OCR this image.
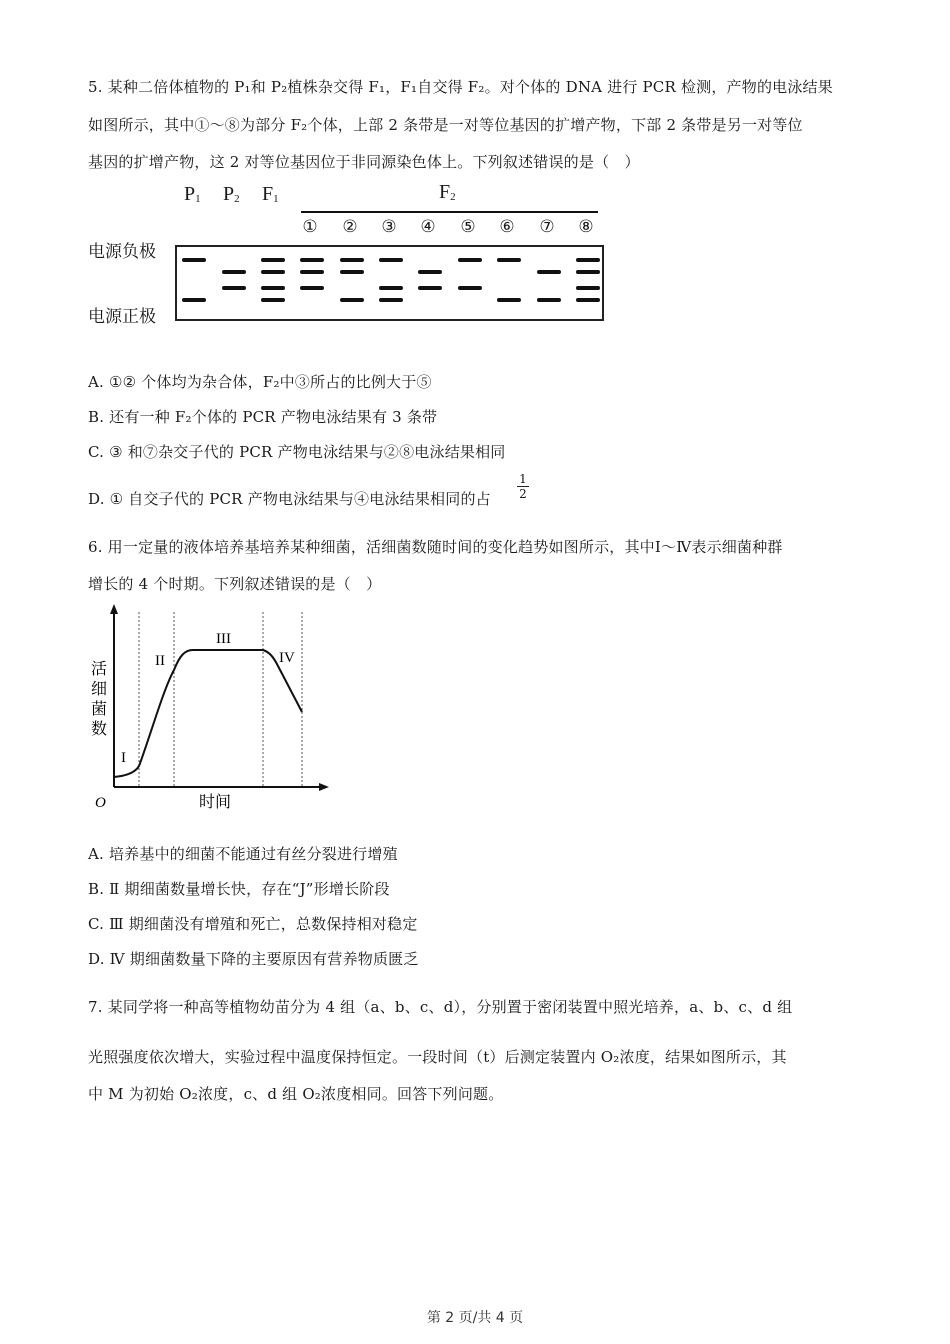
5. 某种二倍体植物的 P₁和 P₂植株杂交得 F₁，F₁自交得 F₂。对个体的 DNA 进行 PCR 检测，产物的电泳结果
如图所示，其中①～⑧为部分 F₂个体，上部 2 条带是一对等位基因的扩增产物，下部 2 条带是另一对等位
基因的扩增产物，这 2 对等位基因位于非同源染色体上。下列叙述错误的是（　）
$P_1$ $P_2$ $F_1$	$F_2$
① ② ③ ④ ⑤ ⑥ ⑦ ⑧
电源负极
电源正极
A. ①② 个体均为杂合体，F₂中③所占的比例大于⑤
B. 还有一种 F₂个体的 PCR 产物电泳结果有 3 条带
C. ③ 和⑦杂交子代的 PCR 产物电泳结果与②⑧电泳结果相同
D. ① 自交子代的 PCR 产物电泳结果与④电泳结果相同的占
1
2
6. 用一定量的液体培养基培养某种细菌，活细菌数随时间的变化趋势如图所示，其中Ⅰ～Ⅳ表示细菌种群
增长的 4 个时期。下列叙述错误的是（　）
I
II
III
IV
O	时间
活
细
菌
数
A. 培养基中的细菌不能通过有丝分裂进行增殖
B. Ⅱ 期细菌数量增长快，存在“J”形增长阶段
C. Ⅲ 期细菌没有增殖和死亡，总数保持相对稳定
D. Ⅳ 期细菌数量下降的主要原因有营养物质匮乏
7. 某同学将一种高等植物幼苗分为 4 组（a、b、c、d），分别置于密闭装置中照光培养，a、b、c、d 组
光照强度依次增大，实验过程中温度保持恒定。一段时间（t）后测定装置内 O₂浓度，结果如图所示，其
中 M 为初始 O₂浓度，c、d 组 O₂浓度相同。回答下列问题。
第 2 页/共 4 页
